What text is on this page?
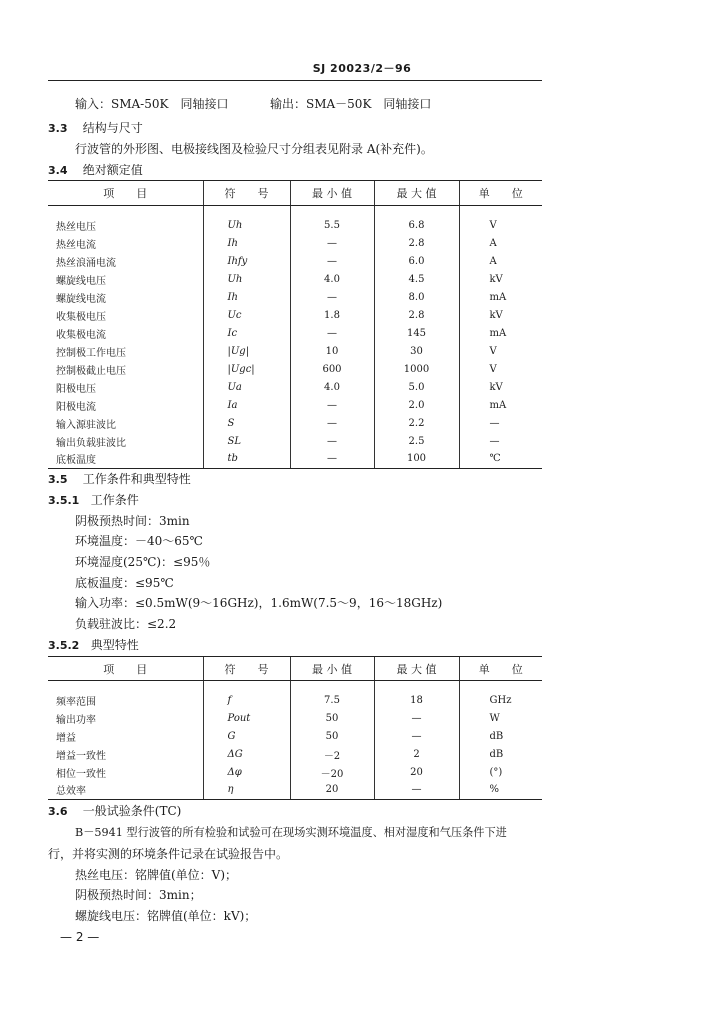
SJ 20023/2－96
输入：SMA-50K　同轴接口	输出：SMA－50K　同轴接口
3.3 结构与尺寸
行波管的外形图、电极接线图及检验尺寸分组表见附录 A(补充件)。
3.4 绝对额定值
项　　目	符　　号	最 小 值	最 大 值	单　　位

热丝电压	Uh	5.5	6.8	V
热丝电流	Ih	—	2.8	A
热丝浪涌电流	Ihfy	—	6.0	A
螺旋线电压	Uh	4.0	4.5	kV
螺旋线电流	Ih	—	8.0	mA
收集极电压	Uc	1.8	2.8	kV
收集极电流	Ic	—	145	mA
控制极工作电压	|Ug|	10	30	V
控制极截止电压	|Ugc|	600	1000	V
阳极电压	Ua	4.0	5.0	kV
阳极电流	Ia	—	2.0	mA
输入源驻波比	S	—	2.2	—
输出负载驻波比	SL	—	2.5	—
底板温度	tb	—	100	℃
3.5 工作条件和典型特性
3.5.1 工作条件
阴极预热时间：3min
环境温度：－40～65℃
环境湿度(25℃)：≤95％
底板温度：≤95℃
输入功率：≤0.5mW(9～16GHz)，1.6mW(7.5～9，16～18GHz)
负载驻波比：≤2.2
3.5.2 典型特性
项　　目	符　　号	最 小 值	最 大 值	单　　位

频率范围	f	7.5	18	GHz
输出功率	Pout	50	—	W
增益	G	50	—	dB
增益一致性	ΔG	－2	2	dB
相位一致性	Δφ	－20	20	(°)
总效率	η	20	—	%
3.6 一般试验条件(TC)
B－5941 型行波管的所有检验和试验可在现场实测环境温度、相对湿度和气压条件下进
行，并将实测的环境条件记录在试验报告中。
热丝电压：铭牌值(单位：V)；
阴极预热时间：3min；
螺旋线电压：铭牌值(单位：kV)；
— 2 —
